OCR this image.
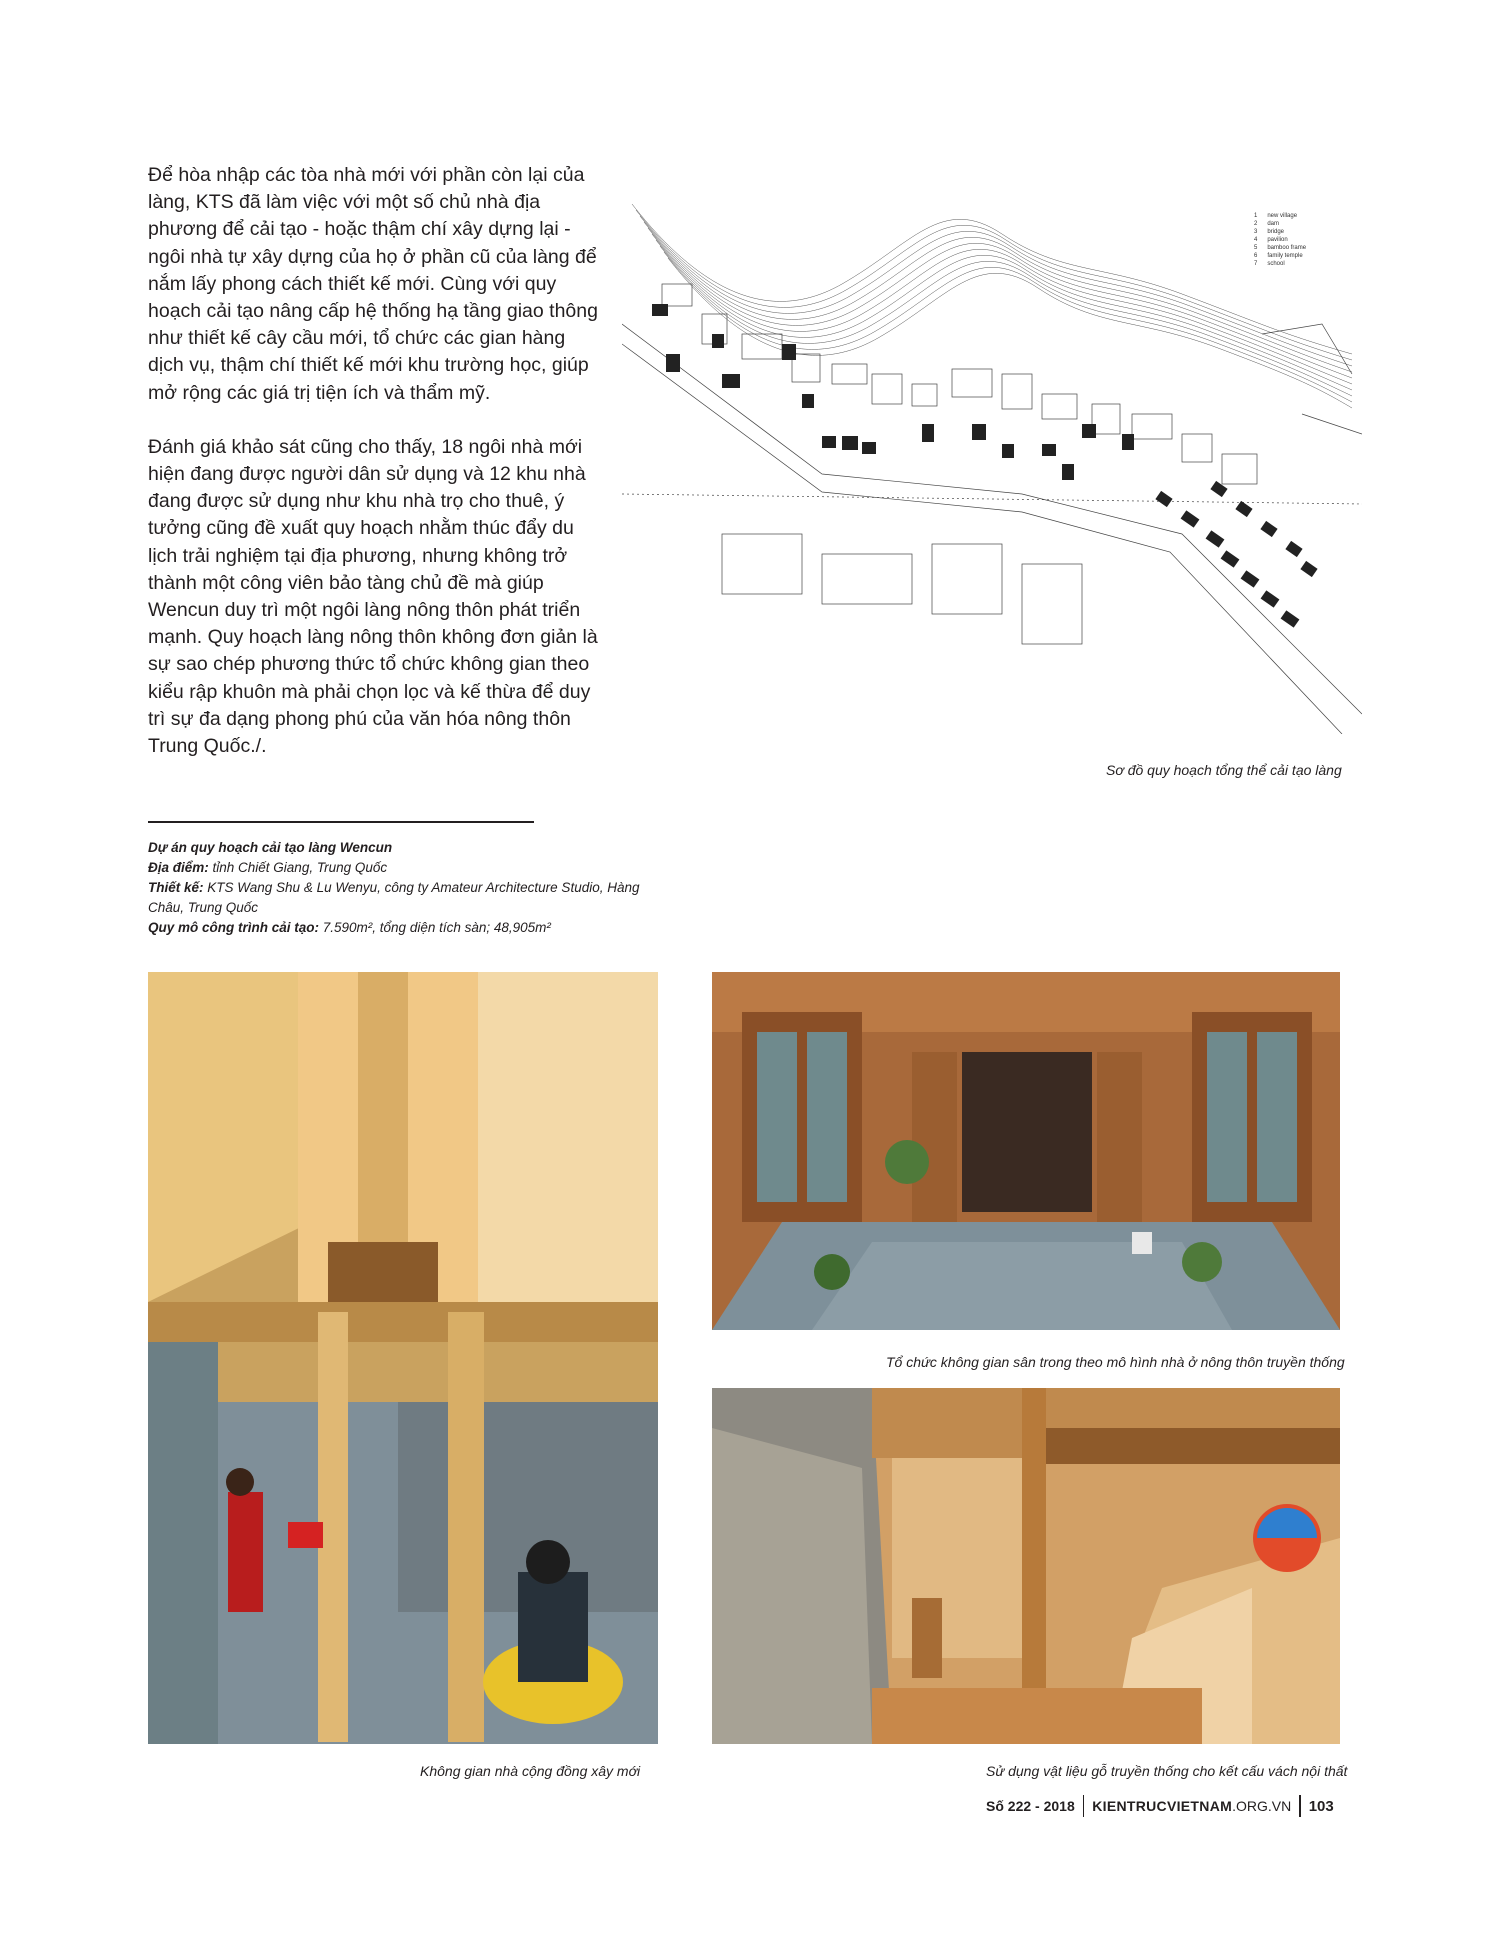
Để hòa nhập các tòa nhà mới với phần còn lại của làng, KTS đã làm việc với một số chủ nhà địa phương để cải tạo - hoặc thậm chí xây dựng lại - ngôi nhà tự xây dựng của họ ở phần cũ của làng để nắm lấy phong cách thiết kế mới. Cùng với quy hoạch cải tạo nâng cấp hệ thống hạ tầng giao thông như thiết kế cây cầu mới, tổ chức các gian hàng dịch vụ, thậm chí thiết kế mới khu trường học, giúp mở rộng các giá trị tiện ích và thẩm mỹ.

Đánh giá khảo sát cũng cho thấy, 18 ngôi nhà mới hiện đang được người dân sử dụng và 12 khu nhà đang được sử dụng như khu nhà trọ cho thuê, ý tưởng cũng đề xuất quy hoạch nhằm thúc đẩy du lịch trải nghiệm tại địa phương, nhưng không trở thành một công viên bảo tàng chủ đề mà giúp Wencun duy trì một ngôi làng nông thôn phát triển mạnh. Quy hoạch làng nông thôn không đơn giản là sự sao chép phương thức tổ chức không gian theo kiểu rập khuôn mà phải chọn lọc và kế thừa để duy trì sự đa dạng phong phú của văn hóa nông thôn Trung Quốc./.

1 new village
2 dam
3 bridge
4 pavilion
5 bamboo frame
6 family temple
7 school
Sơ đồ quy hoạch tổng thể cải tạo làng
Dự án quy hoạch cải tạo làng Wencun
Địa điểm: tỉnh Chiết Giang, Trung Quốc
Thiết kế: KTS Wang Shu & Lu Wenyu, công ty Amateur Architecture Studio, Hàng Châu, Trung Quốc
Quy mô công trình cải tạo: 7.590m², tổng diện tích sàn; 48,905m²
Không gian nhà cộng đồng xây mới
Tổ chức không gian sân trong theo mô hình nhà ở nông thôn truyền thống
Sử dụng vật liệu gỗ truyền thống cho kết cấu vách nội thất
Số 222 - 2018 KIENTRUCVIETNAM.ORG.VN 103
